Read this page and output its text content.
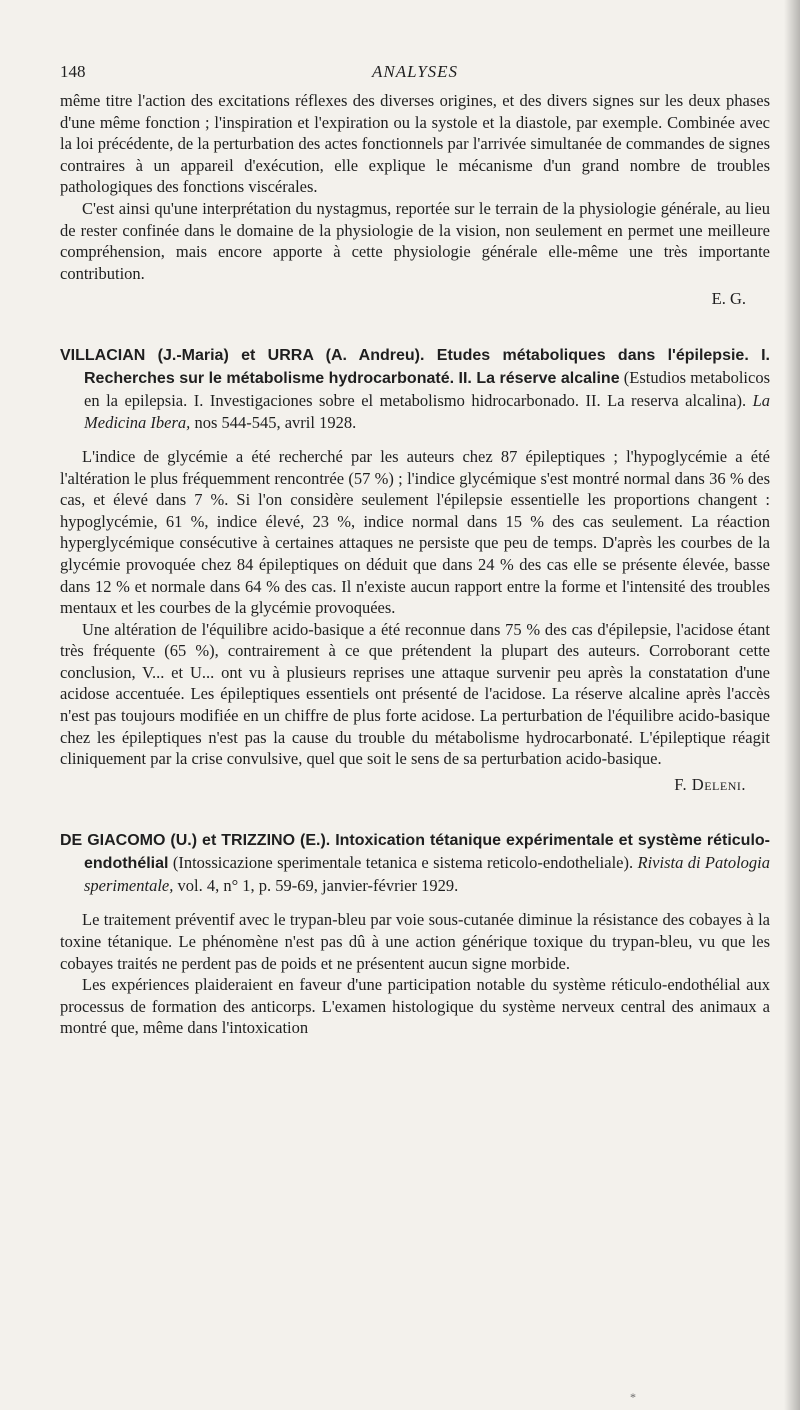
148	ANALYSES

même titre l'action des excitations réflexes des diverses origines, et des divers signes sur les deux phases d'une même fonction ; l'inspiration et l'expiration ou la systole et la diastole, par exemple. Combinée avec la loi précédente, de la perturbation des actes fonctionnels par l'arrivée simultanée de commandes de signes contraires à un appareil d'exécution, elle explique le mécanisme d'un grand nombre de troubles pathologiques des fonctions viscérales.

C'est ainsi qu'une interprétation du nystagmus, reportée sur le terrain de la physiologie générale, au lieu de rester confinée dans le domaine de la physiologie de la vision, non seulement en permet une meilleure compréhension, mais encore apporte à cette physiologie générale elle-même une très importante contribution.

E. G.
VILLACIAN (J.-Maria) et URRA (A. Andreu). Etudes métaboliques dans l'épilepsie. I. Recherches sur le métabolisme hydrocarbonaté. II. La réserve alcaline (Estudios metabolicos en la epilepsia. I. Investigaciones sobre el metabolismo hidrocarbonado. II. La reserva alcalina). La Medicina Ibera, nos 544-545, avril 1928.

L'indice de glycémie a été recherché par les auteurs chez 87 épileptiques ; l'hypoglycémie a été l'altération le plus fréquemment rencontrée (57 %) ; l'indice glycémique s'est montré normal dans 36 % des cas, et élevé dans 7 %. Si l'on considère seulement l'épilepsie essentielle les proportions changent : hypoglycémie, 61 %, indice élevé, 23 %, indice normal dans 15 % des cas seulement. La réaction hyperglycémique consécutive à certaines attaques ne persiste que peu de temps. D'après les courbes de la glycémie provoquée chez 84 épileptiques on déduit que dans 24 % des cas elle se présente élevée, basse dans 12 % et normale dans 64 % des cas. Il n'existe aucun rapport entre la forme et l'intensité des troubles mentaux et les courbes de la glycémie provoquées.

Une altération de l'équilibre acido-basique a été reconnue dans 75 % des cas d'épilepsie, l'acidose étant très fréquente (65 %), contrairement à ce que prétendent la plupart des auteurs. Corroborant cette conclusion, V... et U... ont vu à plusieurs reprises une attaque survenir peu après la constatation d'une acidose accentuée. Les épileptiques essentiels ont présenté de l'acidose. La réserve alcaline après l'accès n'est pas toujours modifiée en un chiffre de plus forte acidose. La perturbation de l'équilibre acido-basique chez les épileptiques n'est pas la cause du trouble du métabolisme hydrocarbonaté. L'épileptique réagit cliniquement par la crise convulsive, quel que soit le sens de sa perturbation acido-basique.

F. Deleni.
DE GIACOMO (U.) et TRIZZINO (E.). Intoxication tétanique expérimentale et système réticulo-endothélial (Intossicazione sperimentale tetanica e sistema reticolo-endotheliale). Rivista di Patologia sperimentale, vol. 4, n° 1, p. 59-69, janvier-février 1929.

Le traitement préventif avec le trypan-bleu par voie sous-cutanée diminue la résistance des cobayes à la toxine tétanique. Le phénomène n'est pas dû à une action générique toxique du trypan-bleu, vu que les cobayes traités ne perdent pas de poids et ne présentent aucun signe morbide.

Les expériences plaideraient en faveur d'une participation notable du système réticulo-endothélial aux processus de formation des anticorps. L'examen histologique du système nerveux central des animaux a montré que, même dans l'intoxication

*
